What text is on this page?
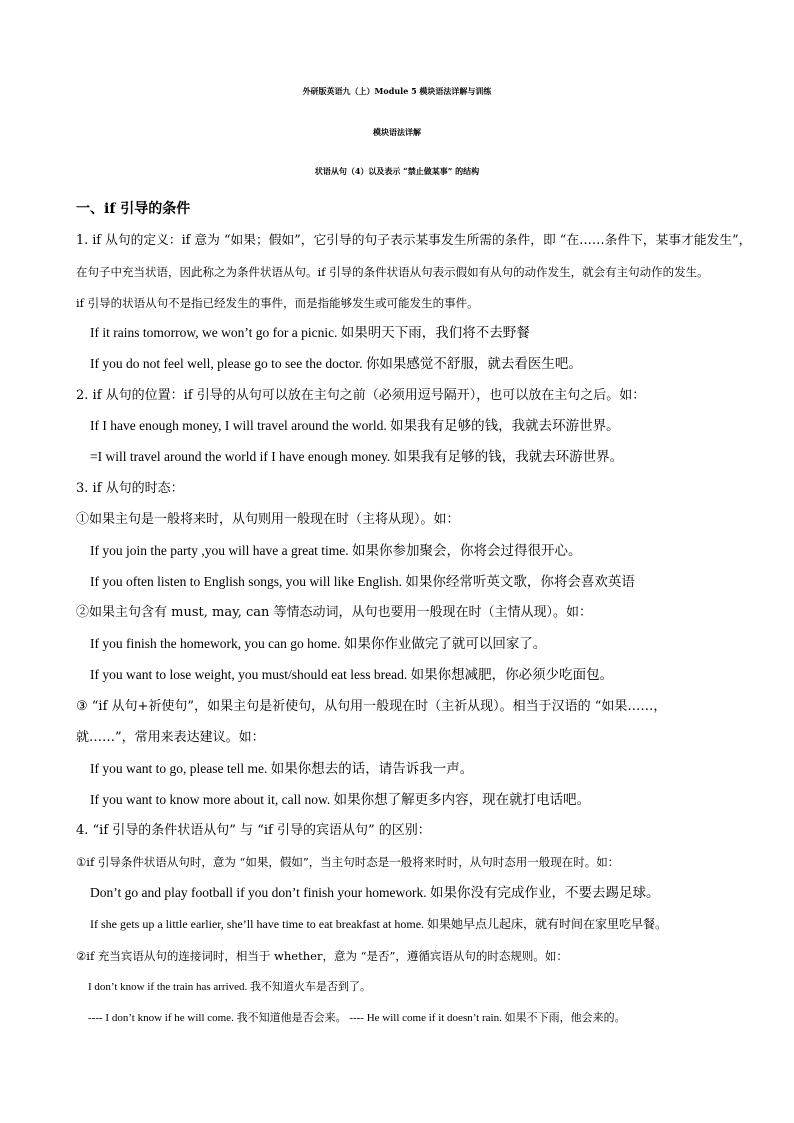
外研版英语九（上）Module 5 模块语法详解与训练
模块语法详解
状语从句（4）以及表示 “禁止做某事” 的结构
一、if 引导的条件
1. if 从句的定义：if 意为 “如果；假如”，它引导的句子表示某事发生所需的条件，即 “在……条件下，某事才能发生”，
在句子中充当状语，因此称之为条件状语从句。if 引导的条件状语从句表示假如有从句的动作发生，就会有主句动作的发生。
if 引导的状语从句不是指已经发生的事件，而是指能够发生或可能发生的事件。
If it rains tomorrow, we won’t go for a picnic. 如果明天下雨，我们将不去野餐
If you do not feel well, please go to see the doctor. 你如果感觉不舒服，就去看医生吧。
2. if 从句的位置：if 引导的从句可以放在主句之前（必须用逗号隔开），也可以放在主句之后。如：
If I have enough money, I will travel around the world. 如果我有足够的钱，我就去环游世界。
=I will travel around the world if I have enough money. 如果我有足够的钱，我就去环游世界。
3. if 从句的时态：
①如果主句是一般将来时，从句则用一般现在时（主将从现）。如：
If you join the party ,you will have a great time. 如果你参加聚会，你将会过得很开心。
If you often listen to English songs, you will like English. 如果你经常听英文歌，你将会喜欢英语
②如果主句含有 must, may, can 等情态动词，从句也要用一般现在时（主情从现）。如：
If you finish the homework, you can go home. 如果你作业做完了就可以回家了。
If you want to lose weight, you must/should eat less bread. 如果你想减肥，你必须少吃面包。
③ “if 从句+祈使句”，如果主句是祈使句，从句用一般现在时（主祈从现）。相当于汉语的 “如果……，
就……”，常用来表达建议。如：
If you want to go, please tell me. 如果你想去的话，请告诉我一声。
If you want to know more about it, call now. 如果你想了解更多内容，现在就打电话吧。
4. “if 引导的条件状语从句” 与 “if 引导的宾语从句” 的区别：
①if 引导条件状语从句时，意为 “如果，假如”，当主句时态是一般将来时时，从句时态用一般现在时。如：
Don’t go and play football if you don’t finish your homework. 如果你没有完成作业，不要去踢足球。
If she gets up a little earlier, she’ll have time to eat breakfast at home. 如果她早点儿起床，就有时间在家里吃早餐。
②if 充当宾语从句的连接词时，相当于 whether，意为 “是否”，遵循宾语从句的时态规则。如：
I don’t know if the train has arrived. 我不知道火车是否到了。
---- I don’t know if he will come. 我不知道他是否会来。 ---- He will come if it doesn’t rain. 如果不下雨，他会来的。
